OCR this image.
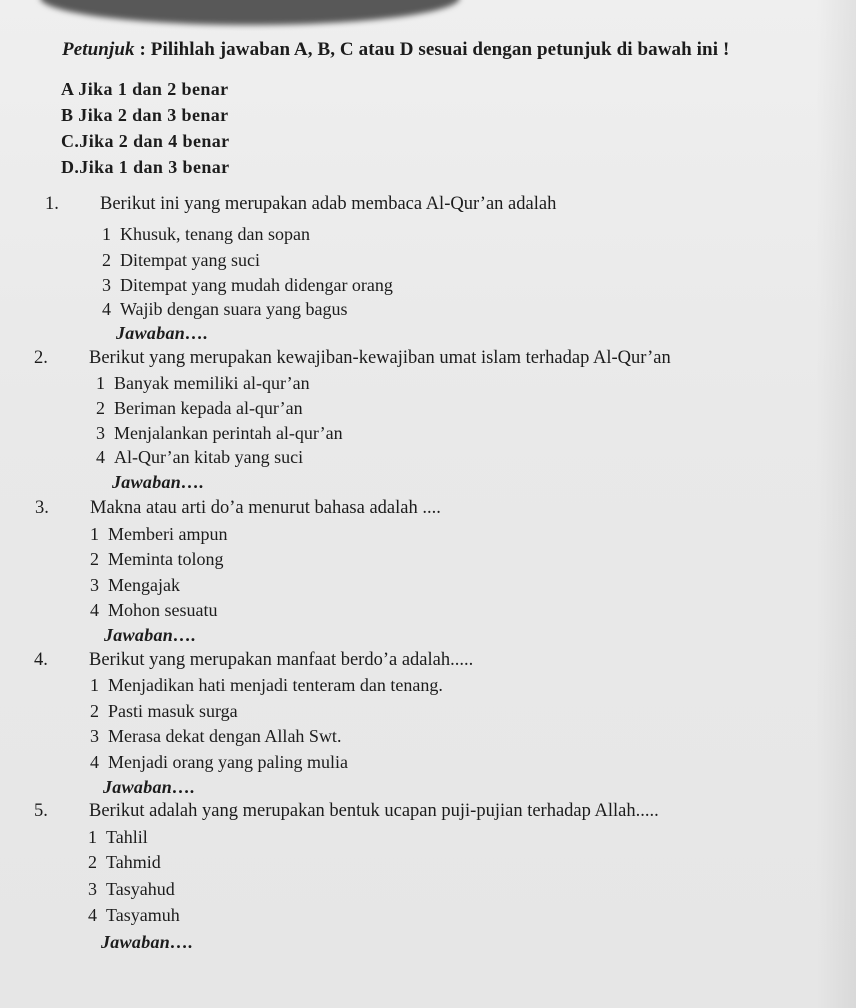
Petunjuk : Pilihlah jawaban A, B, C atau D sesuai dengan petunjuk di bawah ini !
A Jika 1 dan 2 benar
B Jika 2 dan 3 benar
C.Jika 2 dan 4 benar
D.Jika 1 dan 3 benar
1. Berikut ini yang merupakan adab membaca Al-Qur’an adalah
1 Khusuk, tenang dan sopan
2 Ditempat yang suci
3 Ditempat yang mudah didengar orang
4 Wajib dengan suara yang bagus
Jawaban….
2. Berikut yang merupakan kewajiban-kewajiban umat islam terhadap Al-Qur’an
1 Banyak memiliki al-qur’an
2 Beriman kepada al-qur’an
3 Menjalankan perintah al-qur’an
4 Al-Qur’an kitab yang suci
Jawaban….
3. Makna atau arti do’a menurut bahasa adalah ....
1 Memberi ampun
2 Meminta tolong
3 Mengajak
4 Mohon sesuatu
Jawaban….
4. Berikut yang merupakan manfaat berdo’a adalah.....
1 Menjadikan hati menjadi tenteram dan tenang.
2 Pasti masuk surga
3 Merasa dekat dengan Allah Swt.
4 Menjadi orang yang paling mulia
Jawaban….
5. Berikut adalah yang merupakan bentuk ucapan puji-pujian terhadap Allah.....
1 Tahlil
2 Tahmid
3 Tasyahud
4 Tasyamuh
Jawaban….
